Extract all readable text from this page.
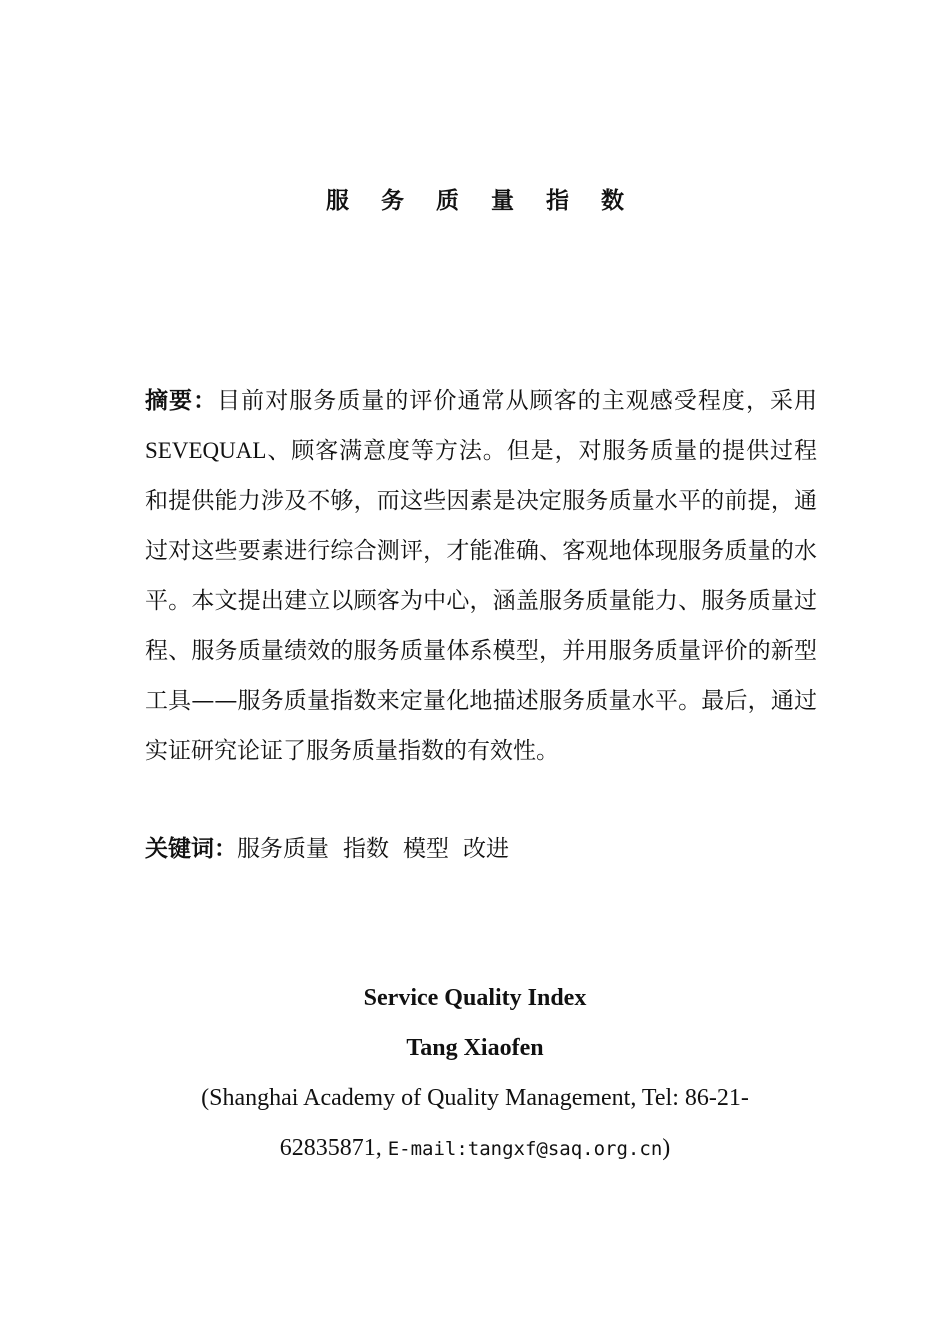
服 务 质 量 指 数

摘要：目前对服务质量的评价通常从顾客的主观感受程度，采用SEVEQUAL、顾客满意度等方法。但是，对服务质量的提供过程和提供能力涉及不够，而这些因素是决定服务质量水平的前提，通过对这些要素进行综合测评，才能准确、客观地体现服务质量的水平。本文提出建立以顾客为中心，涵盖服务质量能力、服务质量过程、服务质量绩效的服务质量体系模型，并用服务质量评价的新型工具——服务质量指数来定量化地描述服务质量水平。最后，通过实证研究论证了服务质量指数的有效性。

关键词：服务质量 指数 模型 改进

Service Quality Index
Tang Xiaofen
(Shanghai Academy of Quality Management, Tel: 86-21-
62835871, E-mail:tangxf@saq.org.cn)
